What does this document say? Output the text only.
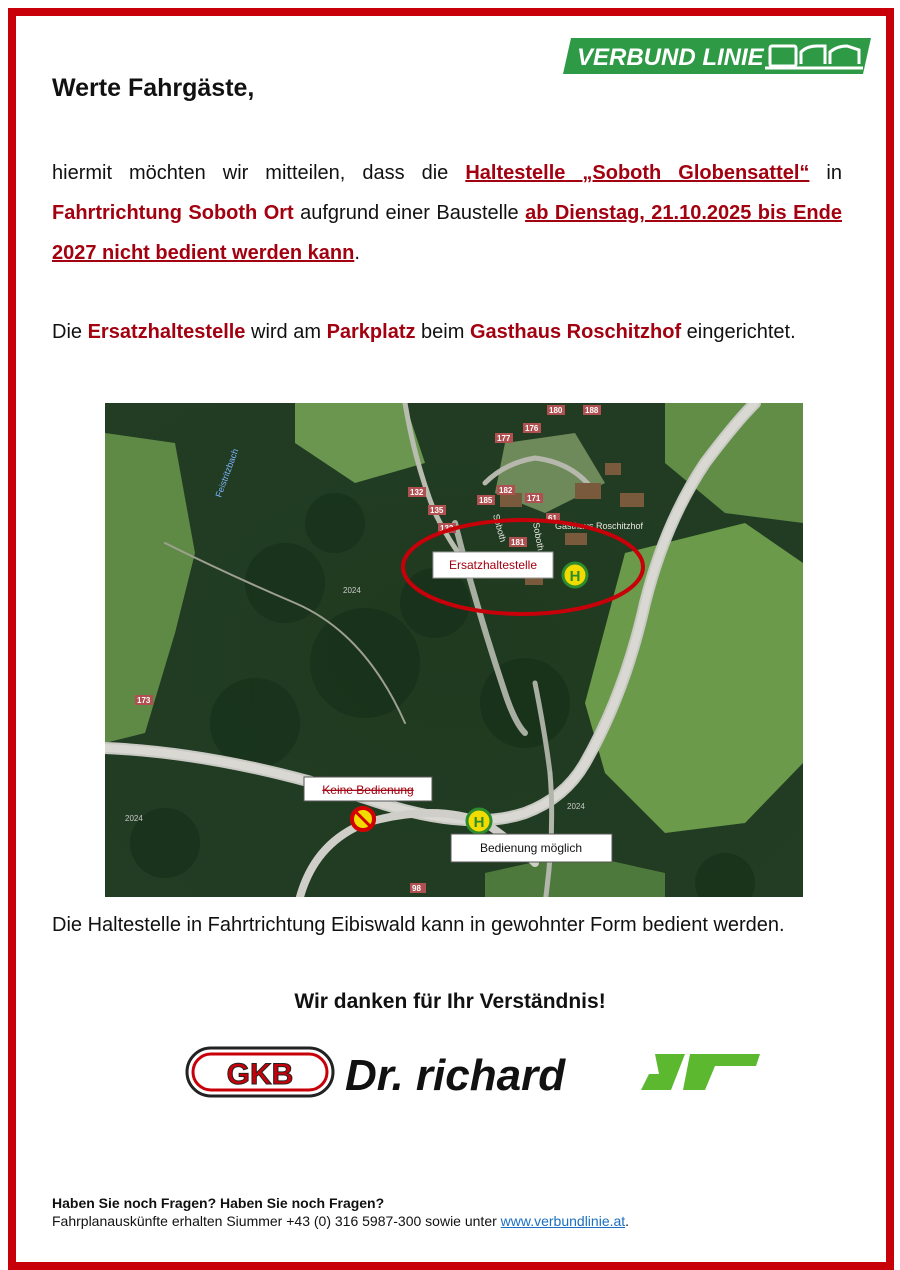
VERBUND LINIE
Werte Fahrgäste,

hiermit möchten wir mitteilen, dass die Haltestelle „Soboth Globensattel“ in Fahrtrichtung Soboth Ort aufgrund einer Baustelle ab Dienstag, 21.10.2025 bis Ende 2027 nicht bedient werden kann.

Die Ersatzhaltestelle wird am Parkplatz beim Gasthaus Roschitzhof eingerichtet.

177
176
180	188
132
135
133
182
171
185
181
61
173
98
Gasthaus Roschitzhof
Feistritzbach
Soboth	Soboth
2024
2024
2024
Ersatzhaltestelle
H
Keine Bedienung
H
Bedienung möglich

Die Haltestelle in Fahrtrichtung Eibiswald kann in gewohnter Form bedient werden.

Wir danken für Ihr Verständnis!

GKB Dr. richard
Haben Sie noch Fragen? Haben Sie noch Fragen?
Fahrplanauskünfte erhalten Siummer +43 (0) 316 5987-300 sowie unter www.verbundlinie.at.
